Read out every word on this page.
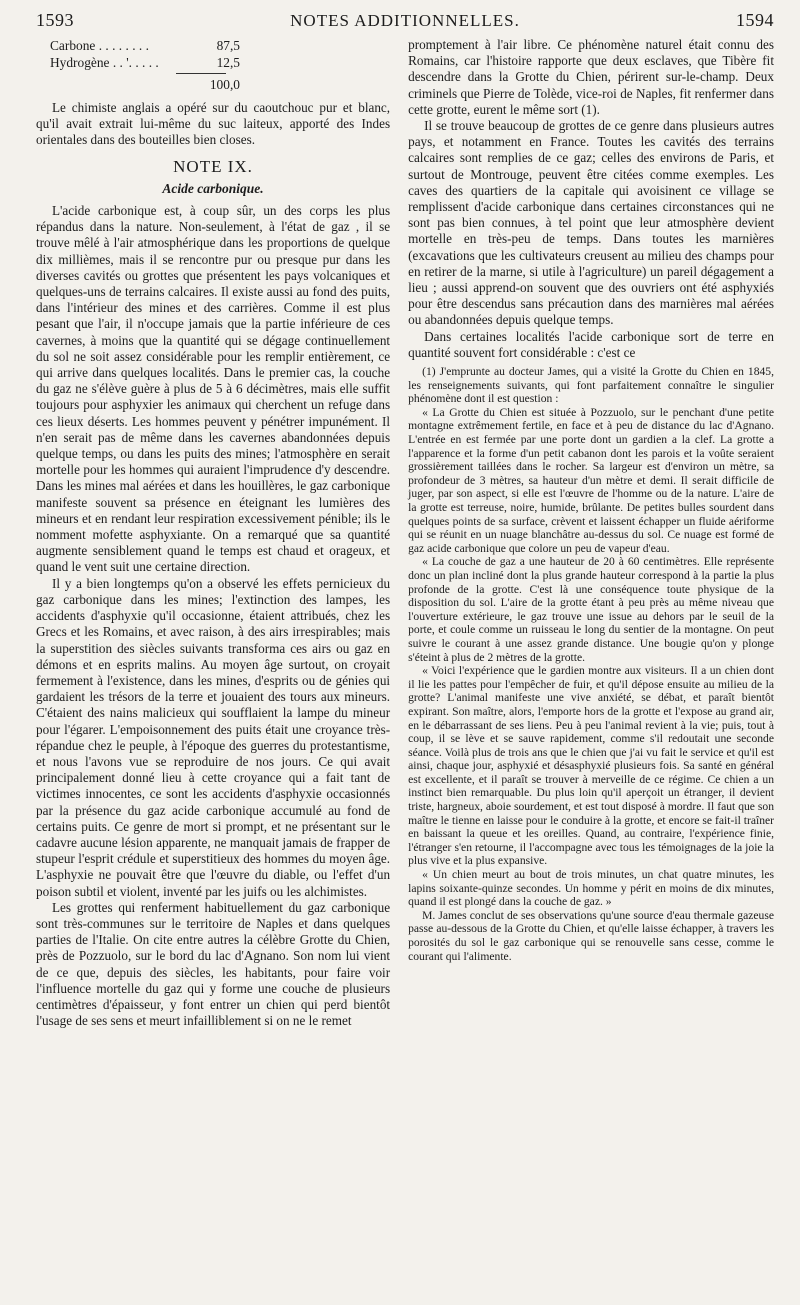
1593	NOTES ADDITIONNELLES.	1594
Carbone . . . . . . . .	87,5
Hydrogène . . '. . . . .	12,5
100,0

Le chimiste anglais a opéré sur du caoutchouc pur et blanc, qu'il avait extrait lui-même du suc laiteux, apporté des Indes orientales dans des bouteilles bien closes.

NOTE IX.
Acide carbonique.

L'acide carbonique est, à coup sûr, un des corps les plus répandus dans la nature. Non-seulement, à l'état de gaz , il se trouve mêlé à l'air atmosphérique dans les proportions de quelque dix millièmes, mais il se rencontre pur ou presque pur dans les diverses cavités ou grottes que présentent les pays volcaniques et quelques-uns de terrains calcaires. Il existe aussi au fond des puits, dans l'intérieur des mines et des carrières. Comme il est plus pesant que l'air, il n'occupe jamais que la partie inférieure de ces cavernes, à moins que la quantité qui se dégage continuellement du sol ne soit assez considérable pour les remplir entièrement, ce qui arrive dans quelques localités. Dans le premier cas, la couche du gaz ne s'élève guère à plus de 5 à 6 décimètres, mais elle suffit toujours pour asphyxier les animaux qui cherchent un refuge dans ces lieux déserts. Les hommes peuvent y pénétrer impunément. Il n'en serait pas de même dans les cavernes abandonnées depuis quelque temps, ou dans les puits des mines; l'atmosphère en serait mortelle pour les hommes qui auraient l'imprudence d'y descendre. Dans les mines mal aérées et dans les houillères, le gaz carbonique manifeste souvent sa présence en éteignant les lumières des mineurs et en rendant leur respiration excessivement pénible; ils le nomment mofette asphyxiante. On a remarqué que sa quantité augmente sensiblement quand le temps est chaud et orageux, et quand le vent suit une certaine direction.

Il y a bien longtemps qu'on a observé les effets pernicieux du gaz carbonique dans les mines; l'extinction des lampes, les accidents d'asphyxie qu'il occasionne, étaient attribués, chez les Grecs et les Romains, et avec raison, à des airs irrespirables; mais la superstition des siècles suivants transforma ces airs ou gaz en démons et en esprits malins. Au moyen âge surtout, on croyait fermement à l'existence, dans les mines, d'esprits ou de génies qui gardaient les trésors de la terre et jouaient des tours aux mineurs. C'étaient des nains malicieux qui soufflaient la lampe du mineur pour l'égarer. L'empoisonnement des puits était une croyance très-répandue chez le peuple, à l'époque des guerres du protestantisme, et nous l'avons vue se reproduire de nos jours. Ce qui avait principalement donné lieu à cette croyance qui a fait tant de victimes innocentes, ce sont les accidents d'asphyxie occasionnés par la présence du gaz acide carbonique accumulé au fond de certains puits. Ce genre de mort si prompt, et ne présentant sur le cadavre aucune lésion apparente, ne manquait jamais de frapper de stupeur l'esprit crédule et superstitieux des hommes du moyen âge. L'asphyxie ne pouvait être que l'œuvre du diable, ou l'effet d'un poison subtil et violent, inventé par les juifs ou les alchimistes.

Les grottes qui renferment habituellement du gaz carbonique sont très-communes sur le territoire de Naples et dans quelques parties de l'Italie. On cite entre autres la célèbre Grotte du Chien, près de Pozzuolo, sur le bord du lac d'Agnano. Son nom lui vient de ce que, depuis des siècles, les habitants, pour faire voir l'influence mortelle du gaz qui y forme une couche de plusieurs centimètres d'épaisseur, y font entrer un chien qui perd bientôt l'usage de ses sens et meurt infailliblement si on ne le remet

promptement à l'air libre. Ce phénomène naturel était connu des Romains, car l'histoire rapporte que deux esclaves, que Tibère fit descendre dans la Grotte du Chien, périrent sur-le-champ. Deux criminels que Pierre de Tolède, vice-roi de Naples, fit renfermer dans cette grotte, eurent le même sort (1).

Il se trouve beaucoup de grottes de ce genre dans plusieurs autres pays, et notamment en France. Toutes les cavités des terrains calcaires sont remplies de ce gaz; celles des environs de Paris, et surtout de Montrouge, peuvent être citées comme exemples. Les caves des quartiers de la capitale qui avoisinent ce village se remplissent d'acide carbonique dans certaines circonstances qui ne sont pas bien connues, à tel point que leur atmosphère devient mortelle en très-peu de temps. Dans toutes les marnières (excavations que les cultivateurs creusent au milieu des champs pour en retirer de la marne, si utile à l'agriculture) un pareil dégagement a lieu ; aussi apprend-on souvent que des ouvriers ont été asphyxiés pour être descendus sans précaution dans des marnières mal aérées ou abandonnées depuis quelque temps.

Dans certaines localités l'acide carbonique sort de terre en quantité souvent fort considérable : c'est ce

(1) J'emprunte au docteur James, qui a visité la Grotte du Chien en 1845, les renseignements suivants, qui font parfaitement connaître le singulier phénomène dont il est question :

« La Grotte du Chien est située à Pozzuolo, sur le penchant d'une petite montagne extrêmement fertile, en face et à peu de distance du lac d'Agnano. L'entrée en est fermée par une porte dont un gardien a la clef. La grotte a l'apparence et la forme d'un petit cabanon dont les parois et la voûte seraient grossièrement taillées dans le rocher. Sa largeur est d'environ un mètre, sa profondeur de 3 mètres, sa hauteur d'un mètre et demi. Il serait difficile de juger, par son aspect, si elle est l'œuvre de l'homme ou de la nature. L'aire de la grotte est terreuse, noire, humide, brûlante. De petites bulles sourdent dans quelques points de sa surface, crèvent et laissent échapper un fluide aériforme qui se réunit en un nuage blanchâtre au-dessus du sol. Ce nuage est formé de gaz acide carbonique que colore un peu de vapeur d'eau.

« La couche de gaz a une hauteur de 20 à 60 centimètres. Elle représente donc un plan incliné dont la plus grande hauteur correspond à la partie la plus profonde de la grotte. C'est là une conséquence toute physique de la disposition du sol. L'aire de la grotte étant à peu près au même niveau que l'ouverture extérieure, le gaz trouve une issue au dehors par le seuil de la porte, et coule comme un ruisseau le long du sentier de la montagne. On peut suivre le courant à une assez grande distance. Une bougie qu'on y plonge s'éteint à plus de 2 mètres de la grotte.

« Voici l'expérience que le gardien montre aux visiteurs. Il a un chien dont il lie les pattes pour l'empêcher de fuir, et qu'il dépose ensuite au milieu de la grotte? L'animal manifeste une vive anxiété, se débat, et paraît bientôt expirant. Son maître, alors, l'emporte hors de la grotte et l'expose au grand air, en le débarrassant de ses liens. Peu à peu l'animal revient à la vie; puis, tout à coup, il se lève et se sauve rapidement, comme s'il redoutait une seconde séance. Voilà plus de trois ans que le chien que j'ai vu fait le service et qu'il est ainsi, chaque jour, asphyxié et désasphyxié plusieurs fois. Sa santé en général est excellente, et il paraît se trouver à merveille de ce régime. Ce chien a un instinct bien remarquable. Du plus loin qu'il aperçoit un étranger, il devient triste, hargneux, aboie sourdement, et est tout disposé à mordre. Il faut que son maître le tienne en laisse pour le conduire à la grotte, et encore se fait-il traîner en baissant la queue et les oreilles. Quand, au contraire, l'expérience finie, l'étranger s'en retourne, il l'accompagne avec tous les témoignages de la joie la plus vive et la plus expansive.

« Un chien meurt au bout de trois minutes, un chat quatre minutes, les lapins soixante-quinze secondes. Un homme y périt en moins de dix minutes, quand il est plongé dans la couche de gaz. »

M. James conclut de ses observations qu'une source d'eau thermale gazeuse passe au-dessous de la Grotte du Chien, et qu'elle laisse échapper, à travers les porosités du sol le gaz carbonique qui se renouvelle sans cesse, comme le courant qui l'alimente.
